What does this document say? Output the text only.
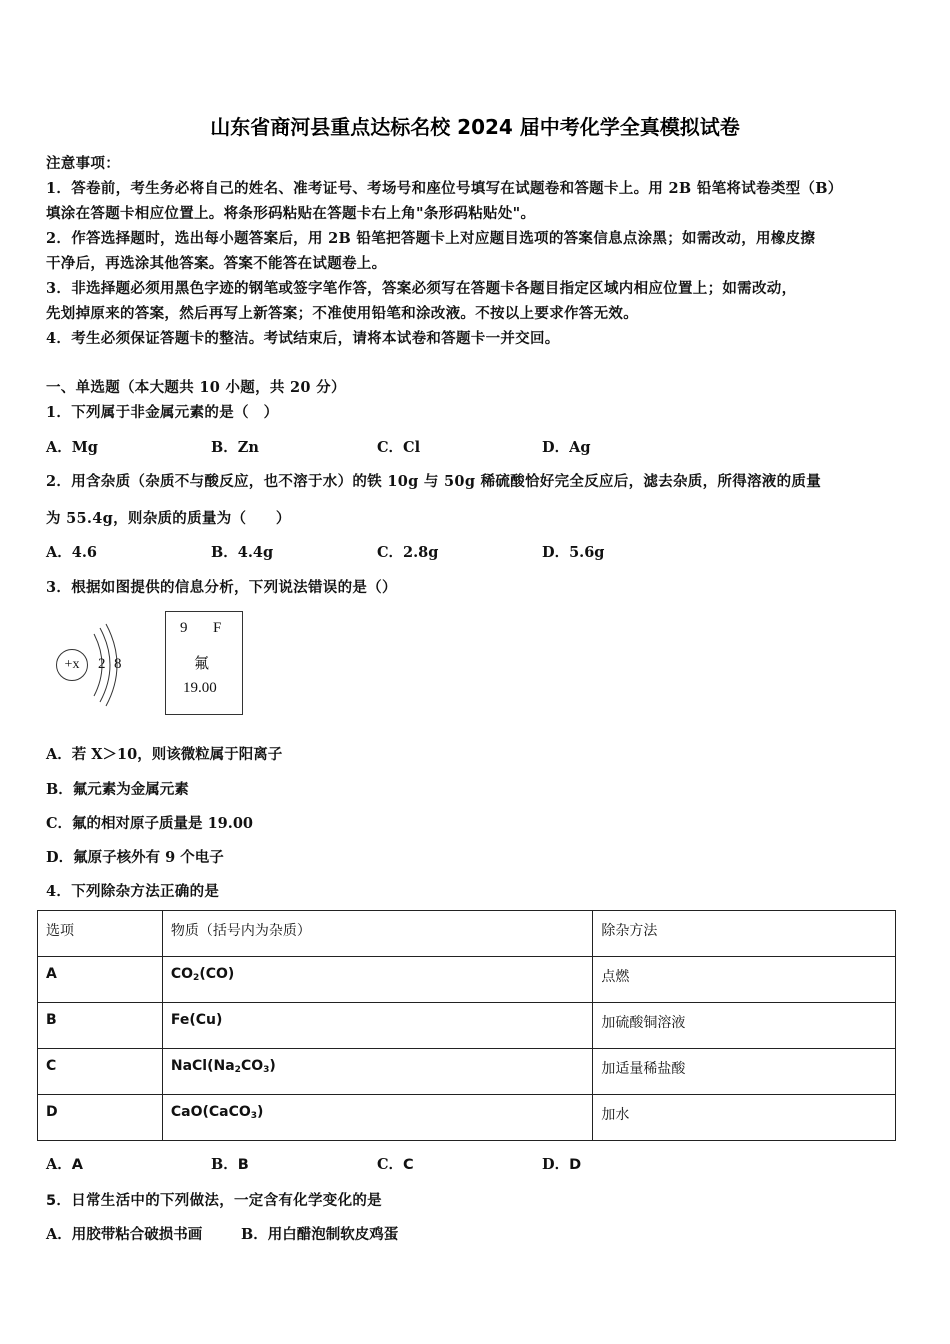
山东省商河县重点达标名校 2024 届中考化学全真模拟试卷
注意事项：
1．答卷前，考生务必将自己的姓名、准考证号、考场号和座位号填写在试题卷和答题卡上。用 2B 铅笔将试卷类型（B）
填涂在答题卡相应位置上。将条形码粘贴在答题卡右上角"条形码粘贴处"。
2．作答选择题时，选出每小题答案后，用 2B 铅笔把答题卡上对应题目选项的答案信息点涂黑；如需改动，用橡皮擦
干净后，再选涂其他答案。答案不能答在试题卷上。
3．非选择题必须用黑色字迹的钢笔或签字笔作答，答案必须写在答题卡各题目指定区域内相应位置上；如需改动，
先划掉原来的答案，然后再写上新答案；不准使用铅笔和涂改液。不按以上要求作答无效。
4．考生必须保证答题卡的整洁。考试结束后，请将本试卷和答题卡一并交回。
一、单选题（本大题共 10 小题，共 20 分）
1．下列属于非金属元素的是（　）
A．Mg	B．Zn	C．Cl	D．Ag
2．用含杂质（杂质不与酸反应，也不溶于水）的铁 10g 与 50g 稀硫酸恰好完全反应后，滤去杂质，所得溶液的质量
为 55.4g，则杂质的质量为（　　）
A．4.6	B．4.4g	C．2.8g	D．5.6g
3．根据如图提供的信息分析，下列说法错误的是（）
+x	2 8
9 F
氟
19.00
A．若 X＞10，则该微粒属于阳离子
B．氟元素为金属元素
C．氟的相对原子质量是 19.00
D．氟原子核外有 9 个电子
4．下列除杂方法正确的是
选项	物质（括号内为杂质）	除杂方法
A	$CO_2(CO)$	点燃
B	Fe(Cu)	加硫酸铜溶液
C	$NaCl(Na_2CO_3)$	加适量稀盐酸
D	CaO(CaCO$_3$)	加水
A．A	B．B	C．C	D．D
5．日常生活中的下列做法，一定含有化学变化的是
A．用胶带粘合破损书画	B．用白醋泡制软皮鸡蛋
